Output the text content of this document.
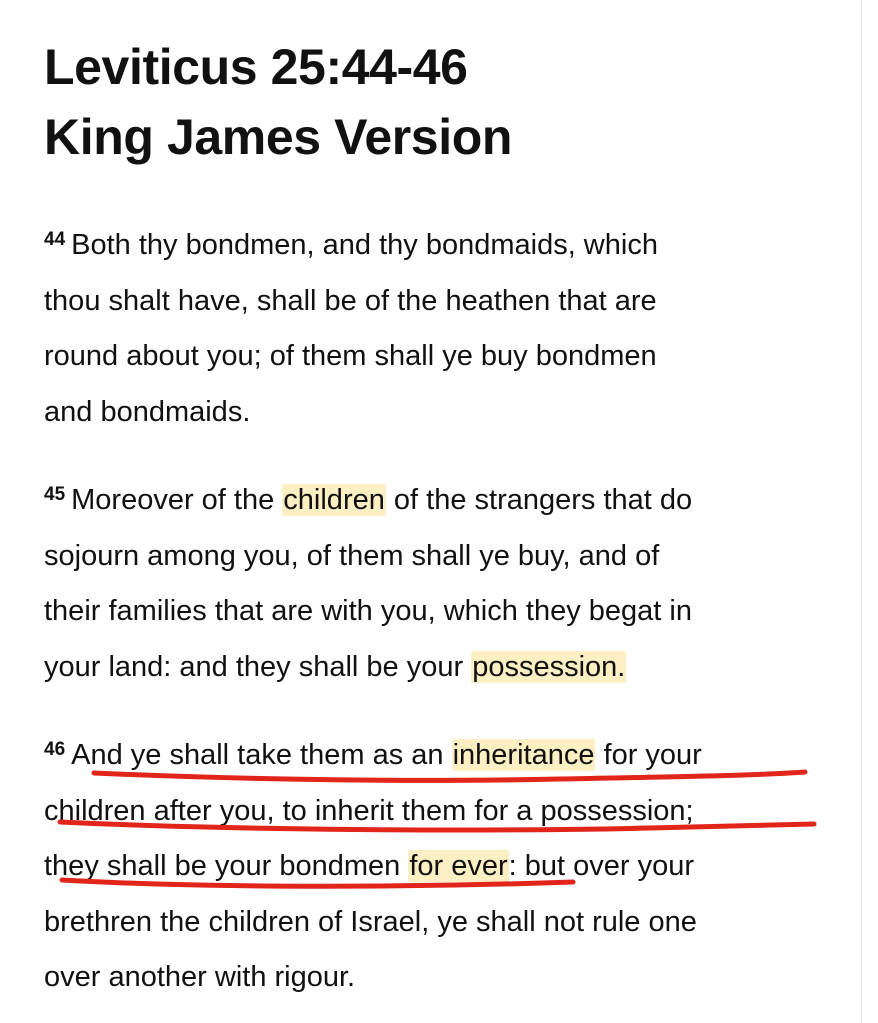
Leviticus 25:44-46
King James Version

$^{44}$ Both thy bondmen, and thy bondmaids, which
thou shalt have, shall be of the heathen that are
round about you; of them shall ye buy bondmen
and bondmaids.

$^{45}$ Moreover of the children of the strangers that do
sojourn among you, of them shall ye buy, and of
their families that are with you, which they begat in
your land: and they shall be your possession.

$^{46}$ And ye shall take them as an inheritance for your
children after you, to inherit them for a possession;
they shall be your bondmen for ever: but over your
brethren the children of Israel, ye shall not rule one
over another with rigour.
